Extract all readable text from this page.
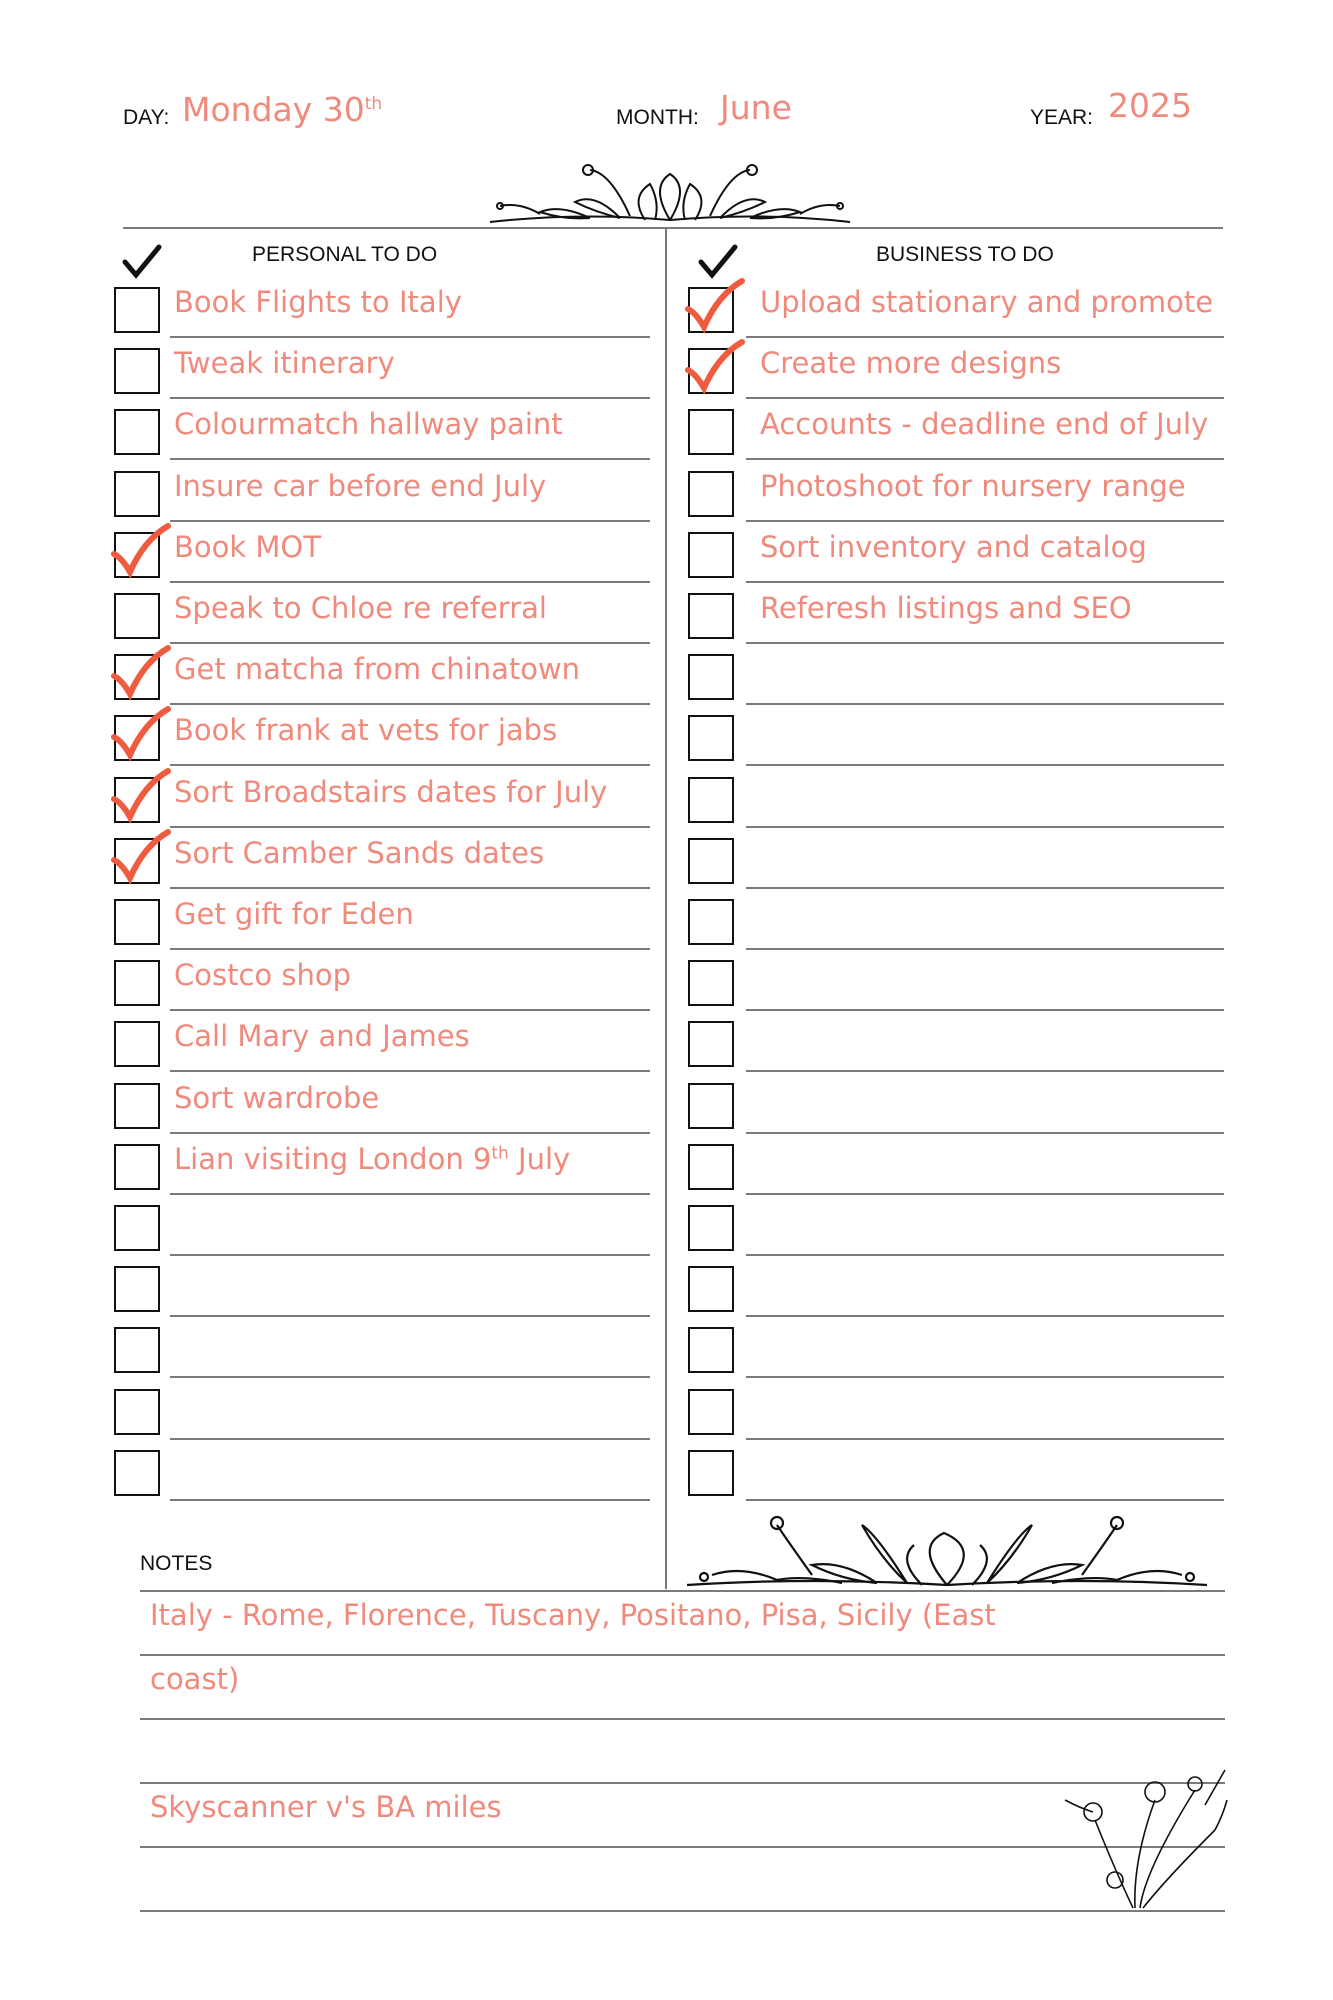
DAY: Monday 30th
MONTH: June	YEAR: 2025
PERSONAL TO DO	BUSINESS TO DO
Book Flights to Italy
Tweak itinerary
Colourmatch hallway paint
Insure car before end July
Book MOT
Speak to Chloe re referral
Get matcha from chinatown
Book frank at vets for jabs
Sort Broadstairs dates for July
Sort Camber Sands dates
Get gift for Eden
Costco shop
Call Mary and James
Sort wardrobe
Lian visiting London 9th July
Upload stationary and promote
Create more designs
Accounts - deadline end of July
Photoshoot for nursery range
Sort inventory and catalog
Referesh listings and SEO
NOTES
Italy - Rome, Florence, Tuscany, Positano, Pisa, Sicily (East
coast)
Skyscanner v's BA miles
